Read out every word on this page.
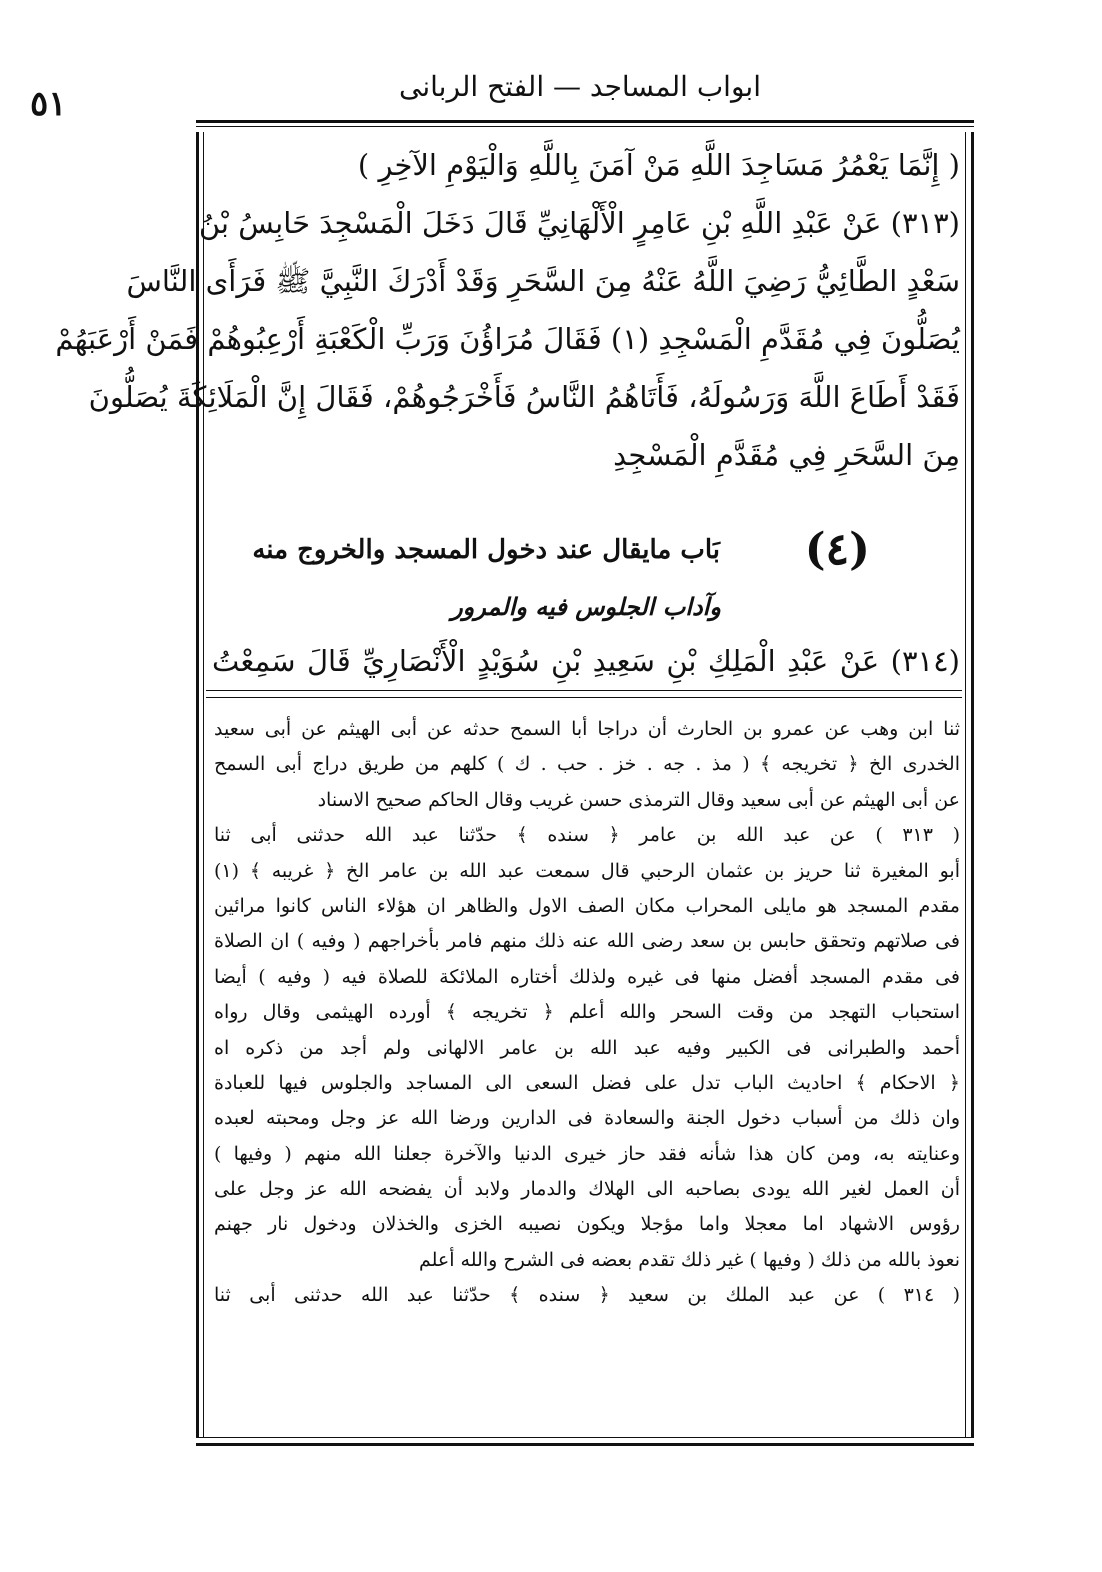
٥١	ابواب المساجد — الفتح الربانى
( إِنَّمَا يَعْمُرُ مَسَاجِدَ اللَّهِ مَنْ آمَنَ بِاللَّهِ وَالْيَوْمِ الآخِرِ )
(٣١٣) عَنْ عَبْدِ اللَّهِ بْنِ عَامِرٍ الْأَلْهَانِيِّ قَالَ دَخَلَ الْمَسْجِدَ حَابِسُ بْنُ
سَعْدٍ الطَّائِيُّ رَضِيَ اللَّهُ عَنْهُ مِنَ السَّحَرِ وَقَدْ أَدْرَكَ النَّبِيَّ ﷺ فَرَأَى النَّاسَ
يُصَلُّونَ فِي مُقَدَّمِ الْمَسْجِدِ (١) فَقَالَ مُرَاؤُنَ وَرَبِّ الْكَعْبَةِ أَرْعِبُوهُمْ فَمَنْ أَرْعَبَهُمْ
فَقَدْ أَطَاعَ اللَّهَ وَرَسُولَهُ، فَأَتَاهُمُ النَّاسُ فَأَخْرَجُوهُمْ، فَقَالَ إِنَّ الْمَلَائِكَةَ يُصَلُّونَ
مِنَ السَّحَرِ فِي مُقَدَّمِ الْمَسْجِدِ
(٤)
بَاب مايقال عند دخول المسجد والخروج منه
وآداب الجلوس فيه والمرور
(٣١٤) عَنْ عَبْدِ الْمَلِكِ بْنِ سَعِيدِ بْنِ سُوَيْدٍ الْأَنْصَارِيِّ قَالَ سَمِعْتُ
ثنا ابن وهب عن عمرو بن الحارث أن دراجا أبا السمح حدثه عن أبى الهيثم عن أبى سعيد
الخدرى الخ ﴿ تخريجه ﴾ ( مذ . جه . خز . حب . ك ) كلهم من طريق دراج أبى السمح
عن أبى الهيثم عن أبى سعيد وقال الترمذى حسن غريب وقال الحاكم صحيح الاسناد
( ٣١٣ ) عن عبد الله بن عامر ﴿ سنده ﴾ حدّثنا عبد الله حدثنى أبى ثنا
أبو المغيرة ثنا حريز بن عثمان الرحبي قال سمعت عبد الله بن عامر الخ ﴿ غريبه ﴾ (١)
مقدم المسجد هو مايلى المحراب مكان الصف الاول والظاهر ان هؤلاء الناس كانوا مرائين
فى صلاتهم وتحقق حابس بن سعد رضى الله عنه ذلك منهم فامر بأخراجهم ( وفيه ) ان الصلاة
فى مقدم المسجد أفضل منها فى غيره ولذلك أختاره الملائكة للصلاة فيه ( وفيه ) أيضا
استحباب التهجد من وقت السحر والله أعلم ﴿ تخريجه ﴾ أورده الهيثمى وقال رواه
أحمد والطبرانى فى الكبير وفيه عبد الله بن عامر الالهانى ولم أجد من ذكره اه
﴿ الاحكام ﴾ احاديث الباب تدل على فضل السعى الى المساجد والجلوس فيها للعبادة
وان ذلك من أسباب دخول الجنة والسعادة فى الدارين ورضا الله عز وجل ومحبته لعبده
وعنايته به، ومن كان هذا شأنه فقد حاز خيرى الدنيا والآخرة جعلنا الله منهم ( وفيها )
أن العمل لغير الله يودى بصاحبه الى الهلاك والدمار ولابد أن يفضحه الله عز وجل على
رؤوس الاشهاد اما معجلا واما مؤجلا ويكون نصيبه الخزى والخذلان ودخول نار جهنم
نعوذ بالله من ذلك ( وفيها ) غير ذلك تقدم بعضه فى الشرح والله أعلم
( ٣١٤ ) عن عبد الملك بن سعيد ﴿ سنده ﴾ حدّثنا عبد الله حدثنى أبى ثنا
